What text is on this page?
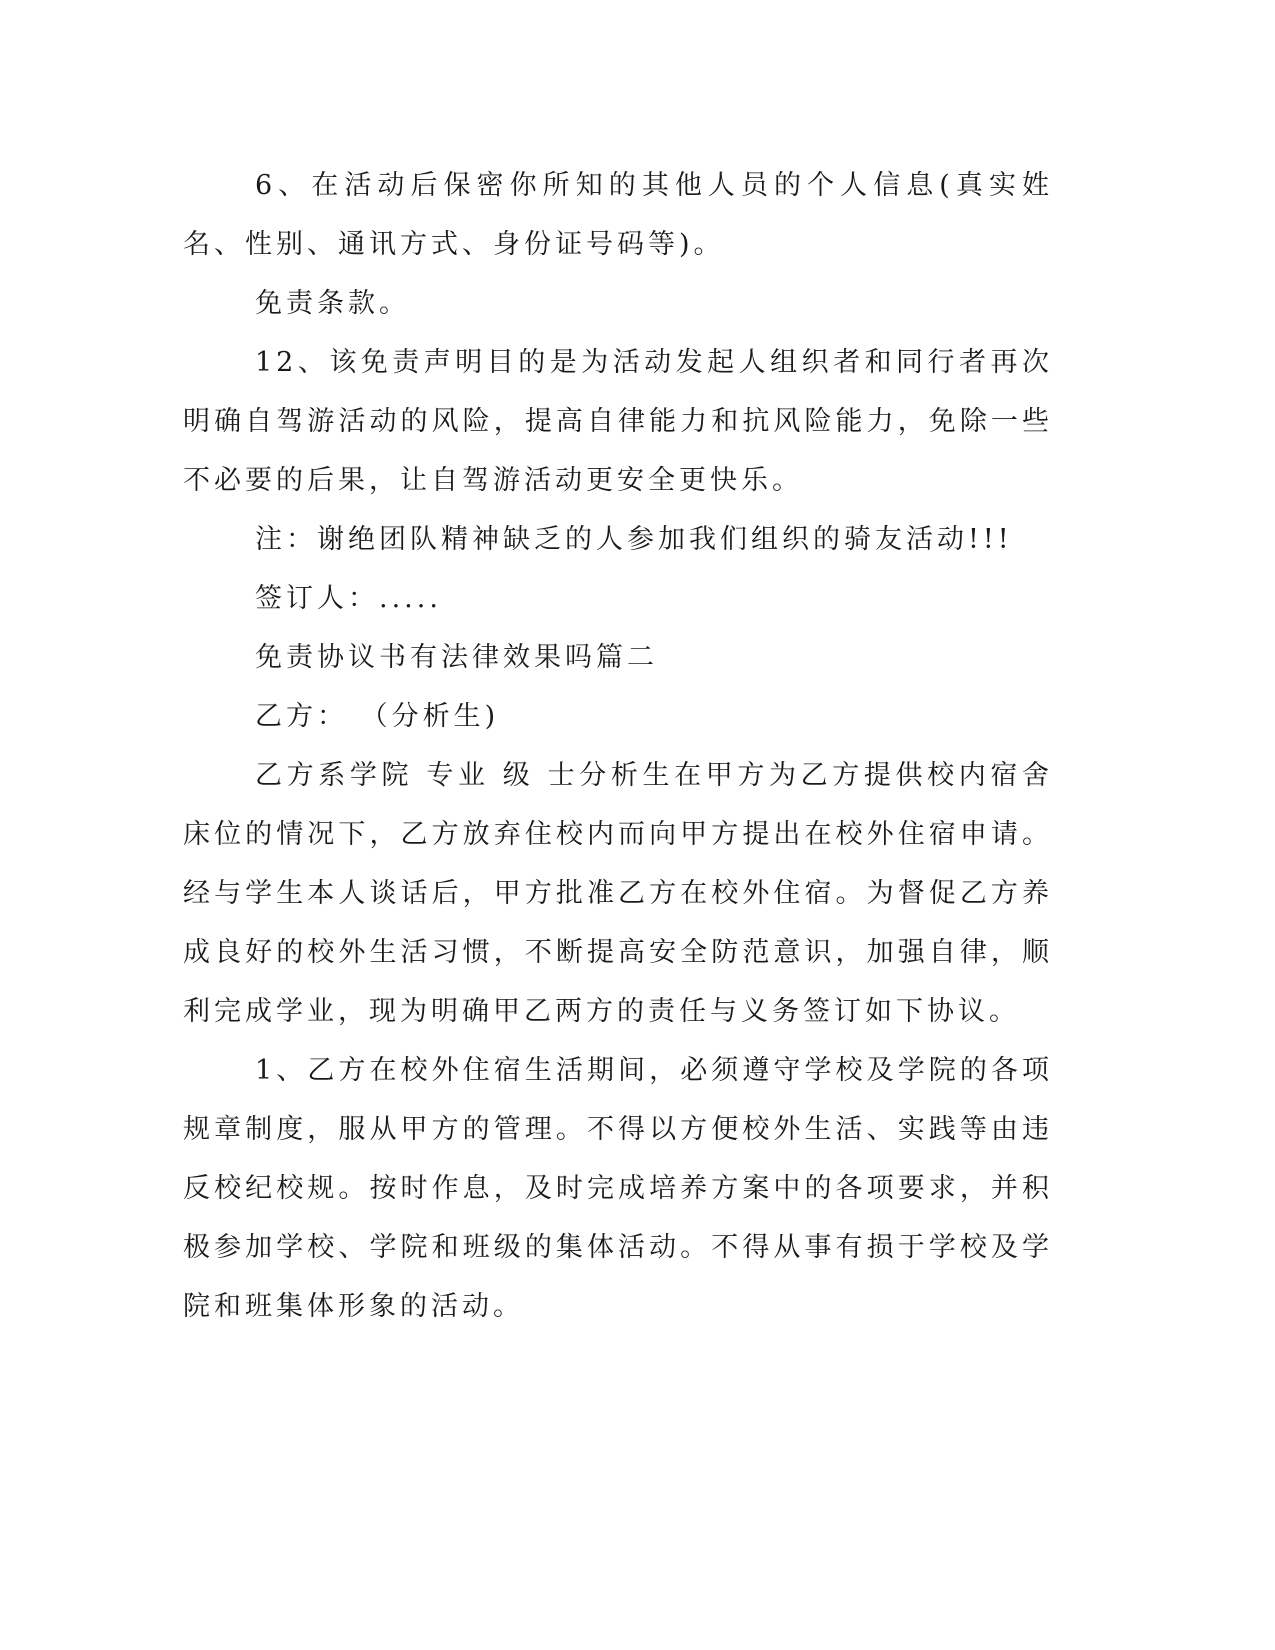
6、在活动后保密你所知的其他人员的个人信息(真实姓名、性别、通讯方式、身份证号码等)。

免责条款。

12、该免责声明目的是为活动发起人组织者和同行者再次明确自驾游活动的风险，提高自律能力和抗风险能力，免除一些不必要的后果，让自驾游活动更安全更快乐。

注：谢绝团队精神缺乏的人参加我们组织的骑友活动!!!

签订人：.....

免责协议书有法律效果吗篇二

乙方： （分析生)

乙方系学院 专业 级 士分析生在甲方为乙方提供校内宿舍床位的情况下，乙方放弃住校内而向甲方提出在校外住宿申请。经与学生本人谈话后，甲方批准乙方在校外住宿。为督促乙方养成良好的校外生活习惯，不断提高安全防范意识，加强自律，顺利完成学业，现为明确甲乙两方的责任与义务签订如下协议。

1、乙方在校外住宿生活期间，必须遵守学校及学院的各项规章制度，服从甲方的管理。不得以方便校外生活、实践等由违反校纪校规。按时作息，及时完成培养方案中的各项要求，并积极参加学校、学院和班级的集体活动。不得从事有损于学校及学院和班集体形象的活动。
